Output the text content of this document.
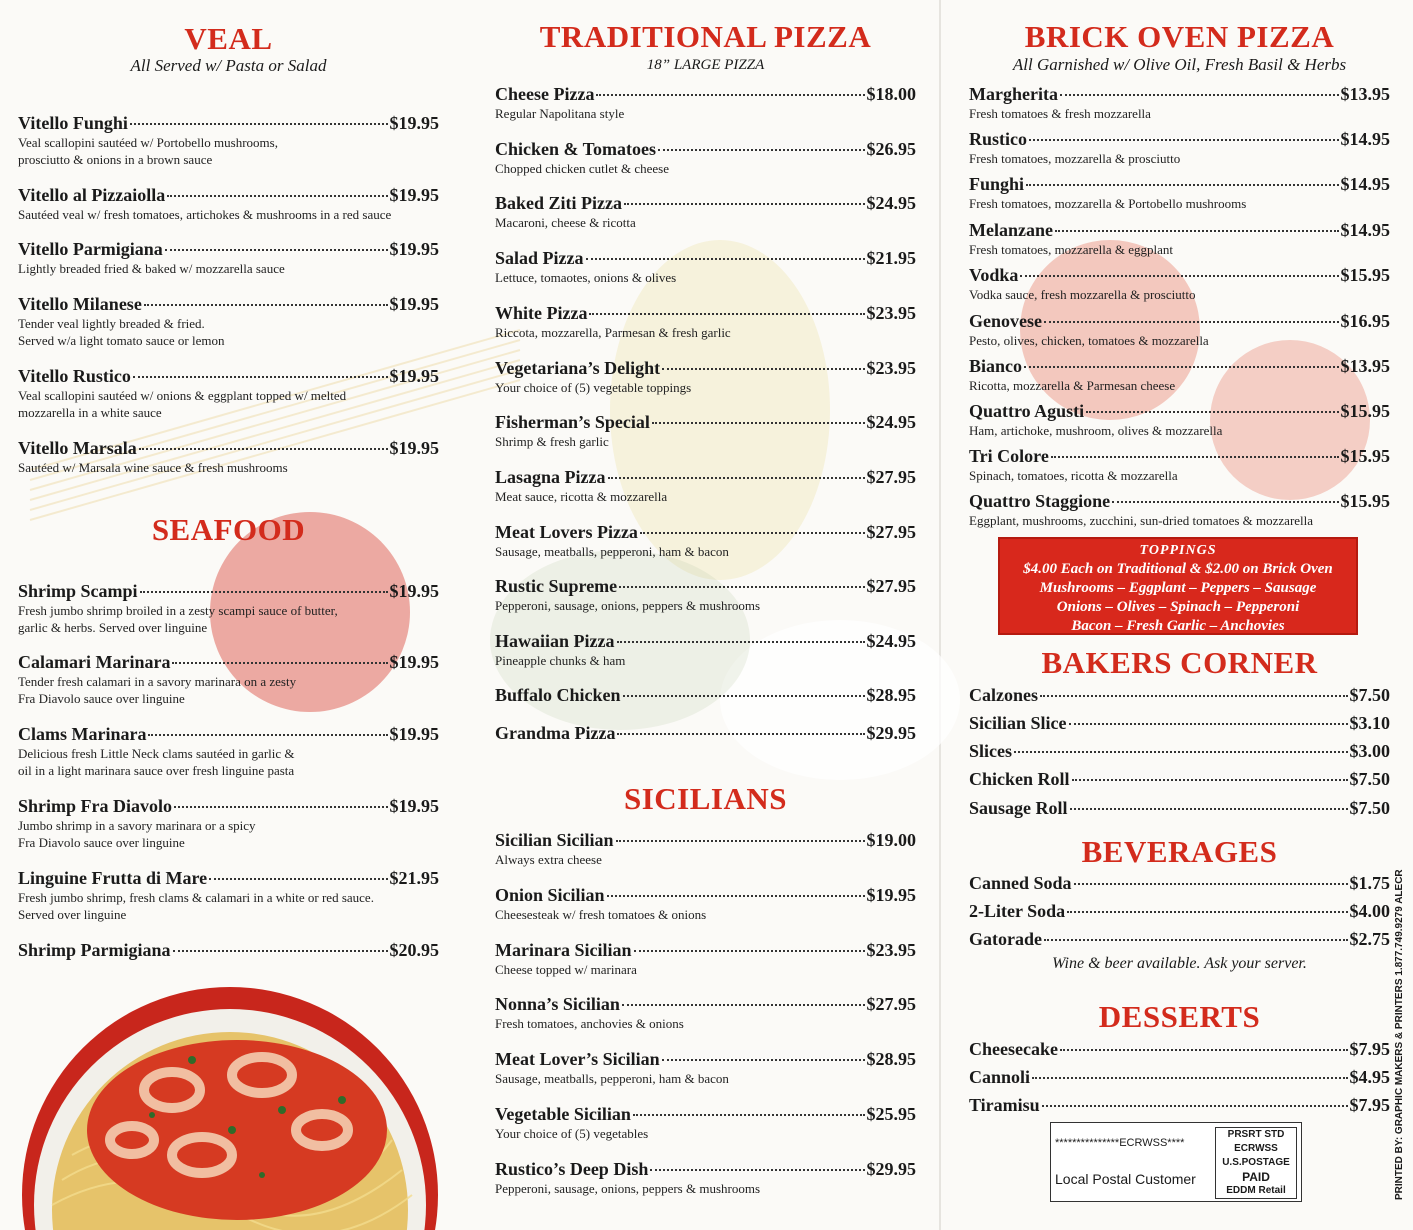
VEAL
All Served w/ Pasta or Salad
Vitello Funghi	$19.95
Veal scallopini sautéed w/ Portobello mushrooms,
prosciutto & onions in a brown sauce
Vitello al Pizzaiolla	$19.95
Sautéed veal w/ fresh tomatoes, artichokes & mushrooms in a red sauce
Vitello Parmigiana	$19.95
Lightly breaded fried & baked w/ mozzarella sauce
Vitello Milanese	$19.95
Tender veal lightly breaded & fried.
Served w/a light tomato sauce or lemon
Vitello Rustico	$19.95
Veal scallopini sautéed w/ onions & eggplant topped w/ melted
mozzarella in a white sauce
Vitello Marsala	$19.95
Sautéed w/ Marsala wine sauce & fresh mushrooms
SEAFOOD
Shrimp Scampi	$19.95
Fresh jumbo shrimp broiled in a zesty scampi sauce of butter,
garlic & herbs. Served over linguine
Calamari Marinara	$19.95
Tender fresh calamari in a savory marinara on a zesty
Fra Diavolo sauce over linguine
Clams Marinara	$19.95
Delicious fresh Little Neck clams sautéed in garlic &
oil in a light marinara sauce over fresh linguine pasta
Shrimp Fra Diavolo	$19.95
Jumbo shrimp in a savory marinara or a spicy
Fra Diavolo sauce over linguine
Linguine Frutta di Mare	$21.95
Fresh jumbo shrimp, fresh clams & calamari in a white or red sauce.
Served over linguine
Shrimp Parmigiana	$20.95
TRADITIONAL PIZZA
18” LARGE PIZZA
Cheese Pizza	$18.00
Regular Napolitana style
Chicken & Tomatoes	$26.95
Chopped chicken cutlet & cheese
Baked Ziti Pizza	$24.95
Macaroni, cheese & ricotta
Salad Pizza	$21.95
Lettuce, tomaotes, onions & olives
White Pizza	$23.95
Riccota, mozzarella, Parmesan & fresh garlic
Vegetariana’s Delight	$23.95
Your choice of (5) vegetable toppings
Fisherman’s Special	$24.95
Shrimp & fresh garlic
Lasagna Pizza	$27.95
Meat sauce, ricotta & mozzarella
Meat Lovers Pizza	$27.95
Sausage, meatballs, pepperoni, ham & bacon
Rustic Supreme	$27.95
Pepperoni, sausage, onions, peppers & mushrooms
Hawaiian Pizza	$24.95
Pineapple chunks & ham
Buffalo Chicken	$28.95
Grandma Pizza	$29.95
SICILIANS
Sicilian Sicilian	$19.00
Always extra cheese
Onion Sicilian	$19.95
Cheesesteak w/ fresh tomatoes & onions
Marinara Sicilian	$23.95
Cheese topped w/ marinara
Nonna’s Sicilian	$27.95
Fresh tomatoes, anchovies & onions
Meat Lover’s Sicilian	$28.95
Sausage, meatballs, pepperoni, ham & bacon
Vegetable Sicilian	$25.95
Your choice of (5) vegetables
Rustico’s Deep Dish	$29.95
Pepperoni, sausage, onions, peppers & mushrooms
BRICK OVEN PIZZA
All Garnished w/ Olive Oil, Fresh Basil & Herbs
Margherita	$13.95
Fresh tomatoes & fresh mozzarella
Rustico	$14.95
Fresh tomatoes, mozzarella & prosciutto
Funghi	$14.95
Fresh tomatoes, mozzarella & Portobello mushrooms
Melanzane	$14.95
Fresh tomatoes, mozzarella & eggplant
Vodka	$15.95
Vodka sauce, fresh mozzarella & prosciutto
Genovese	$16.95
Pesto, olives, chicken, tomatoes & mozzarella
Bianco	$13.95
Ricotta, mozzarella & Parmesan cheese
Quattro Agusti	$15.95
Ham, artichoke, mushroom, olives & mozzarella
Tri Colore	$15.95
Spinach, tomatoes, ricotta & mozzarella
Quattro Staggione	$15.95
Eggplant, mushrooms, zucchini, sun-dried tomatoes & mozzarella
TOPPINGS
$4.00 Each on Traditional & $2.00 on Brick Oven
Mushrooms – Eggplant – Peppers – Sausage
Onions – Olives – Spinach – Pepperoni
Bacon – Fresh Garlic – Anchovies
BAKERS CORNER
Calzones	$7.50
Sicilian Slice	$3.10
Slices	$3.00
Chicken Roll	$7.50
Sausage Roll	$7.50
BEVERAGES
Canned Soda	$1.75
2-Liter Soda	$4.00
Gatorade	$2.75
Wine & beer available. Ask your server.
DESSERTS
Cheesecake	$7.95
Cannoli	$4.95
Tiramisu	$7.95
***************ECRWSS****
Local Postal Customer
PRSRT STD
ECRWSS
U.S.POSTAGE
PAID
EDDM Retail	PRINTED BY: GRAPHIC MAKERS & PRINTERS 1.877.749.9279 ALECR
